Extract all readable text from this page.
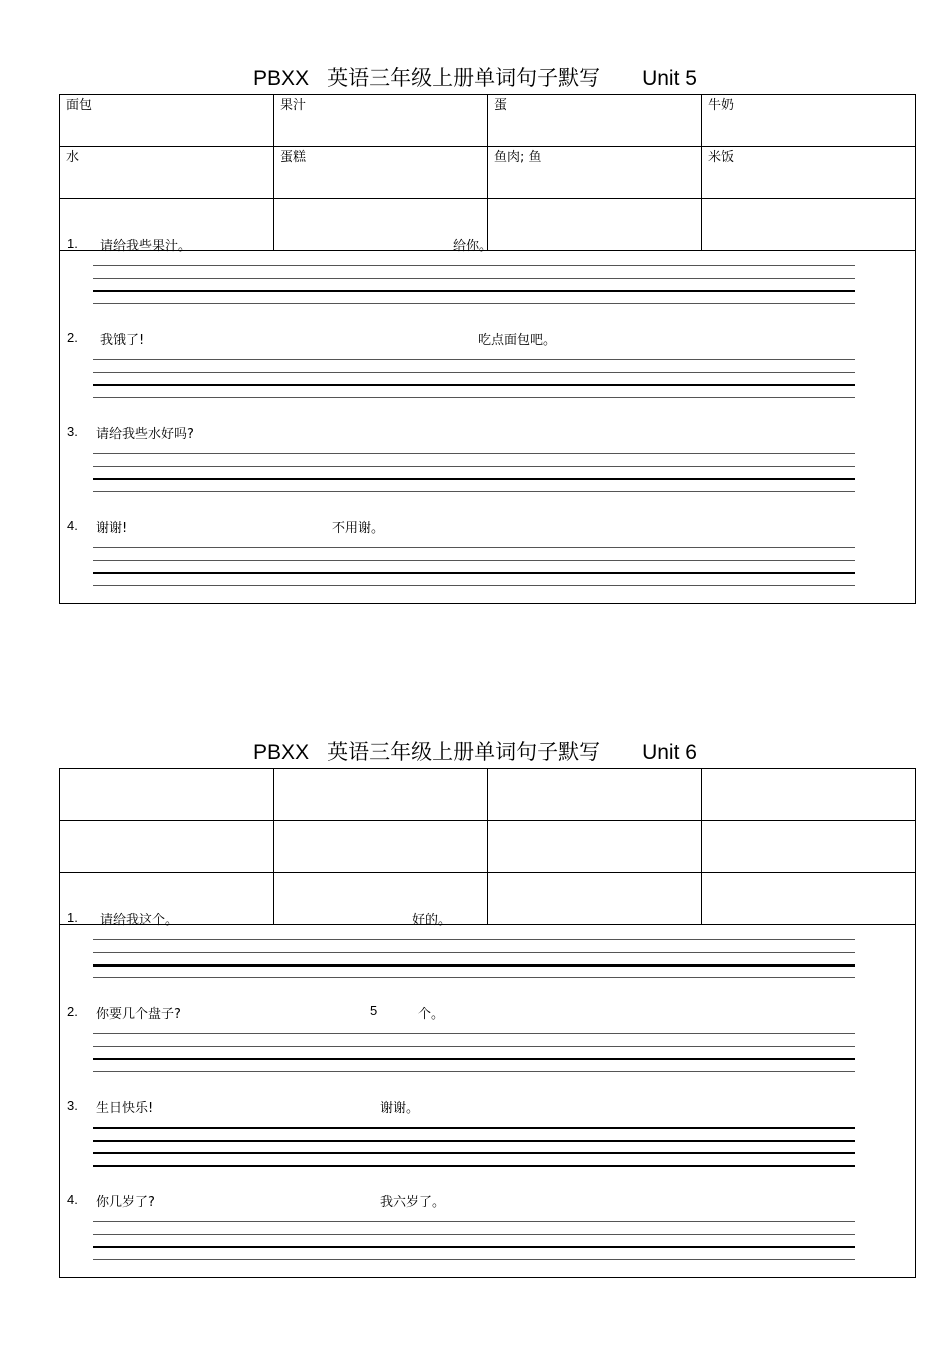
PBXX 英语三年级上册单词句子默写 Unit 5
面包	果汁	蛋	牛奶
水	蛋糕	鱼肉; 鱼	米饭

1. 请给我些果汁。	给你。
2. 我饿了!	吃点面包吧。
3. 请给我些水好吗?
4. 谢谢!	不用谢。
PBXX 英语三年级上册单词句子默写 Unit 6

1. 请给我这个。	好的。
2. 你要几个盘子?	5	个。
3. 生日快乐!	谢谢。
4. 你几岁了?	我六岁了。
